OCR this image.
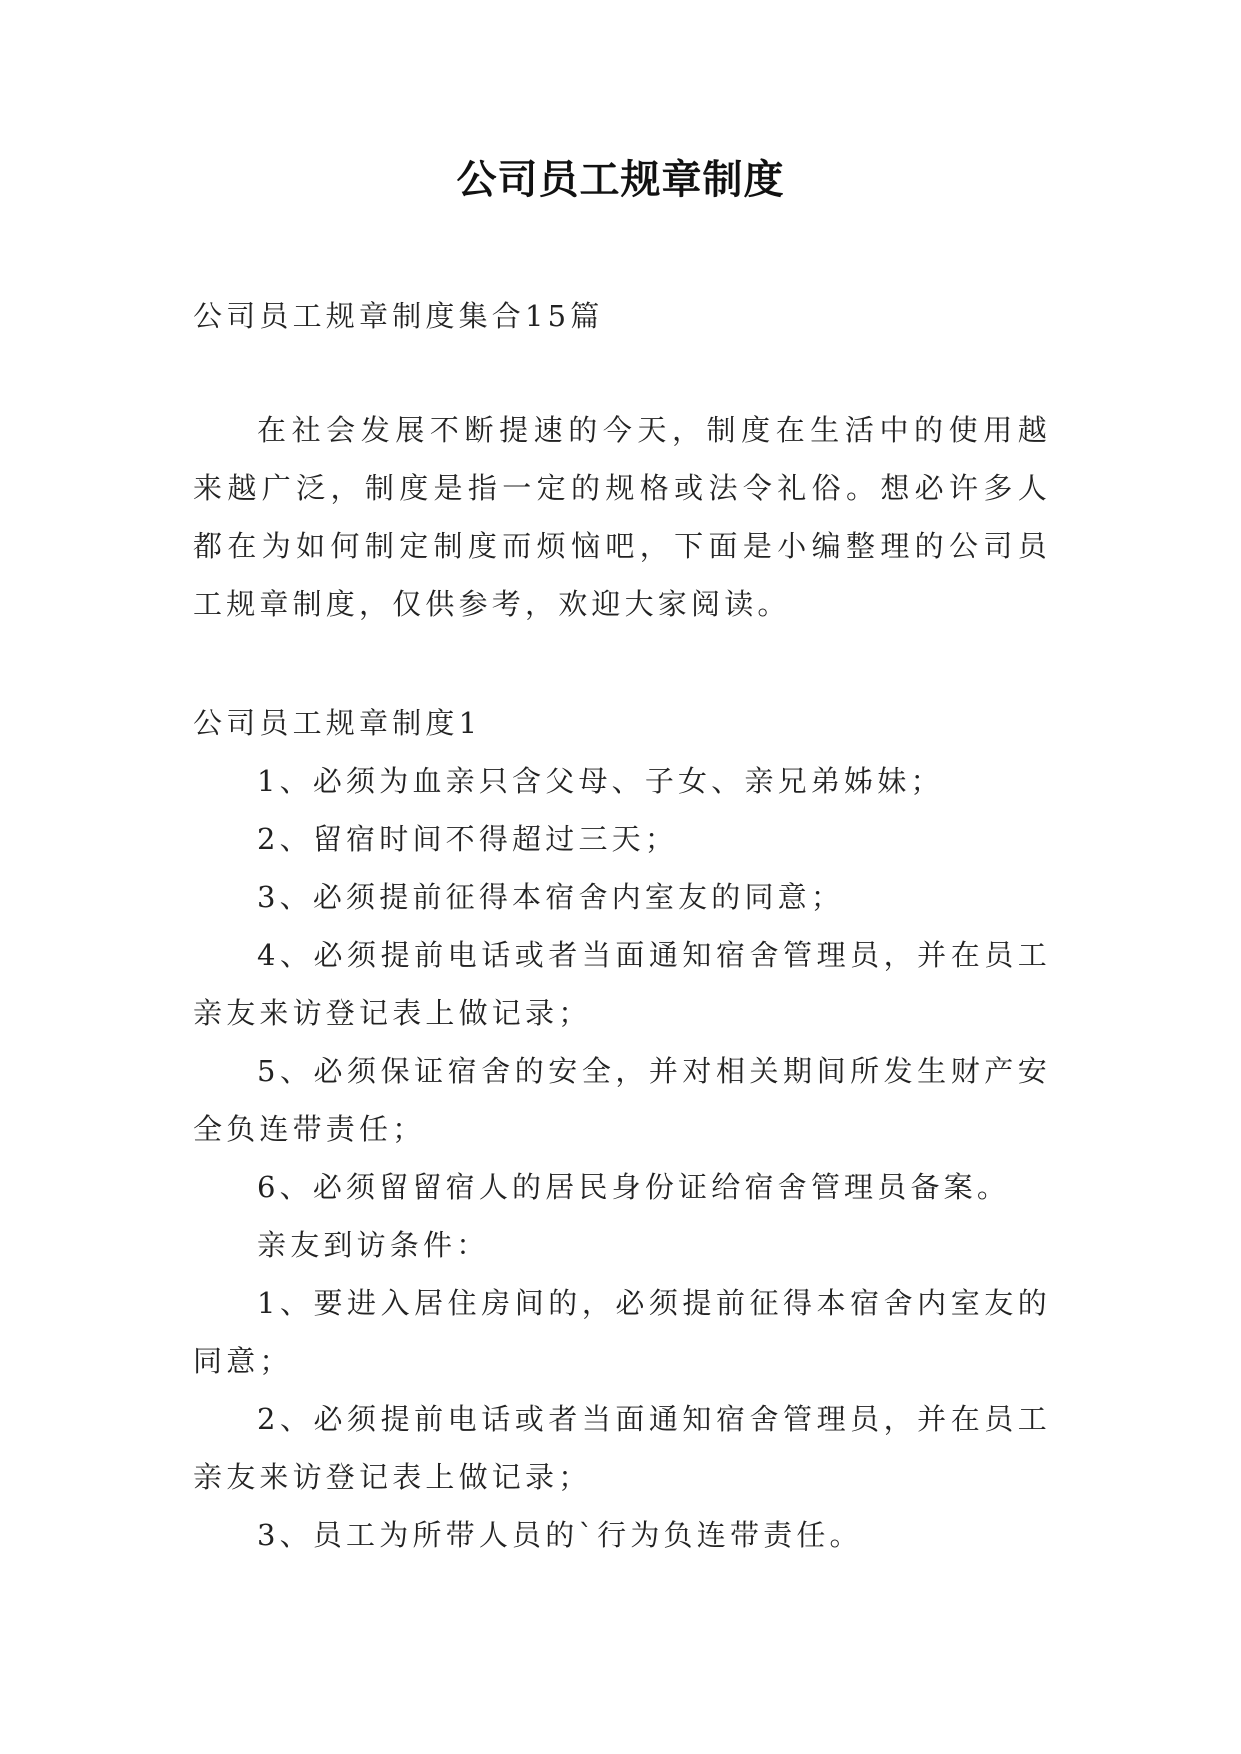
公司员工规章制度
公司员工规章制度集合15篇
在社会发展不断提速的今天，制度在生活中的使用越来越广泛，制度是指一定的规格或法令礼俗。想必许多人都在为如何制定制度而烦恼吧，下面是小编整理的公司员工规章制度，仅供参考，欢迎大家阅读。

公司员工规章制度1

1、必须为血亲只含父母、子女、亲兄弟姊妹；

2、留宿时间不得超过三天；

3、必须提前征得本宿舍内室友的同意；

4、必须提前电话或者当面通知宿舍管理员，并在员工亲友来访登记表上做记录；

5、必须保证宿舍的安全，并对相关期间所发生财产安全负连带责任；

6、必须留留宿人的居民身份证给宿舍管理员备案。

亲友到访条件：

1、要进入居住房间的，必须提前征得本宿舍内室友的同意；

2、必须提前电话或者当面通知宿舍管理员，并在员工亲友来访登记表上做记录；

3、员工为所带人员的`行为负连带责任。
